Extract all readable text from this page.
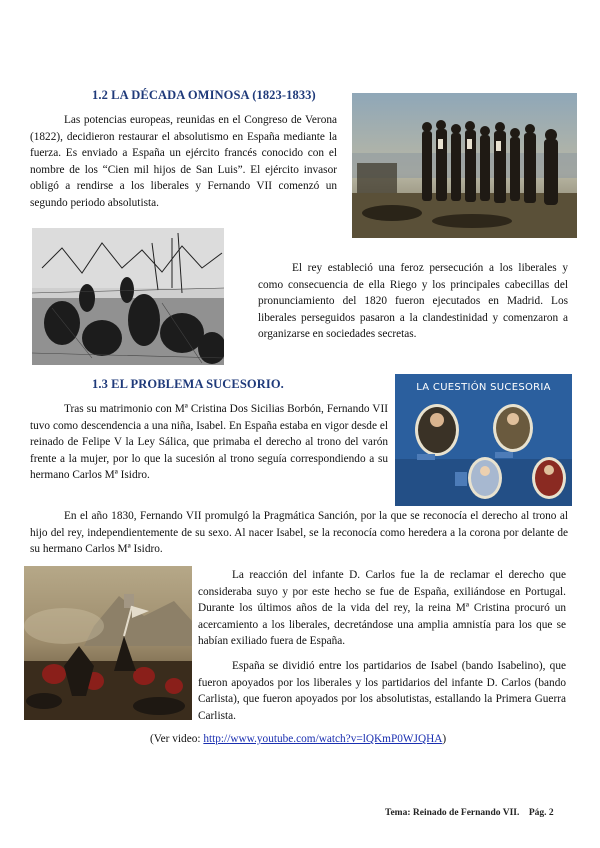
1.2 LA DÉCADA OMINOSA (1823-1833)
Las potencias europeas, reunidas en el Congreso de Verona (1822), decidieron restaurar el absolutismo en España mediante la fuerza. Es enviado a España un ejército francés conocido con el nombre de los “Cien mil hijos de San Luis”. El ejército invasor obligó a rendirse a los liberales y Fernando VII comenzó un segundo periodo absolutista.
El rey estableció una feroz persecución a los liberales y como consecuencia de ella Riego y los principales cabecillas del pronunciamiento del 1820 fueron ejecutados en Madrid. Los liberales perseguidos pasaron a la clandestinidad y comenzaron a organizarse en sociedades secretas.
1.3 EL PROBLEMA SUCESORIO.	LA CUESTIÓN SUCESORIA
Tras su matrimonio con Mª Cristina Dos Sicilias Borbón, Fernando VII tuvo como descendencia a una niña, Isabel. En España estaba en vigor desde el reinado de Felipe V la Ley Sálica, que primaba el derecho al trono del varón frente a la mujer, por lo que la sucesión al trono seguía correspondiendo a su hermano Carlos Mª Isidro.
En el año 1830, Fernando VII promulgó la Pragmática Sanción, por la que se reconocía el derecho al trono al hijo del rey, independientemente de su sexo. Al nacer Isabel, se la reconocía como heredera a la corona por delante de su hermano Carlos Mª Isidro.
La reacción del infante D. Carlos fue la de reclamar el derecho que consideraba suyo y por este hecho se fue de España, exiliándose en Portugal. Durante los últimos años de la vida del rey, la reina Mª Cristina procuró un acercamiento a los liberales, decretándose una amplia amnistía para los que se habían exiliado fuera de España.
España se dividió entre los partidarios de Isabel (bando Isabelino), que fueron apoyados por los liberales y los partidarios del infante D. Carlos (bando Carlista), que fueron apoyados por los absolutistas, estallando la Primera Guerra Carlista.
(Ver video: http://www.youtube.com/watch?v=lQKmP0WJQHA)
Tema: Reinado de Fernando VII.    Pág. 2
